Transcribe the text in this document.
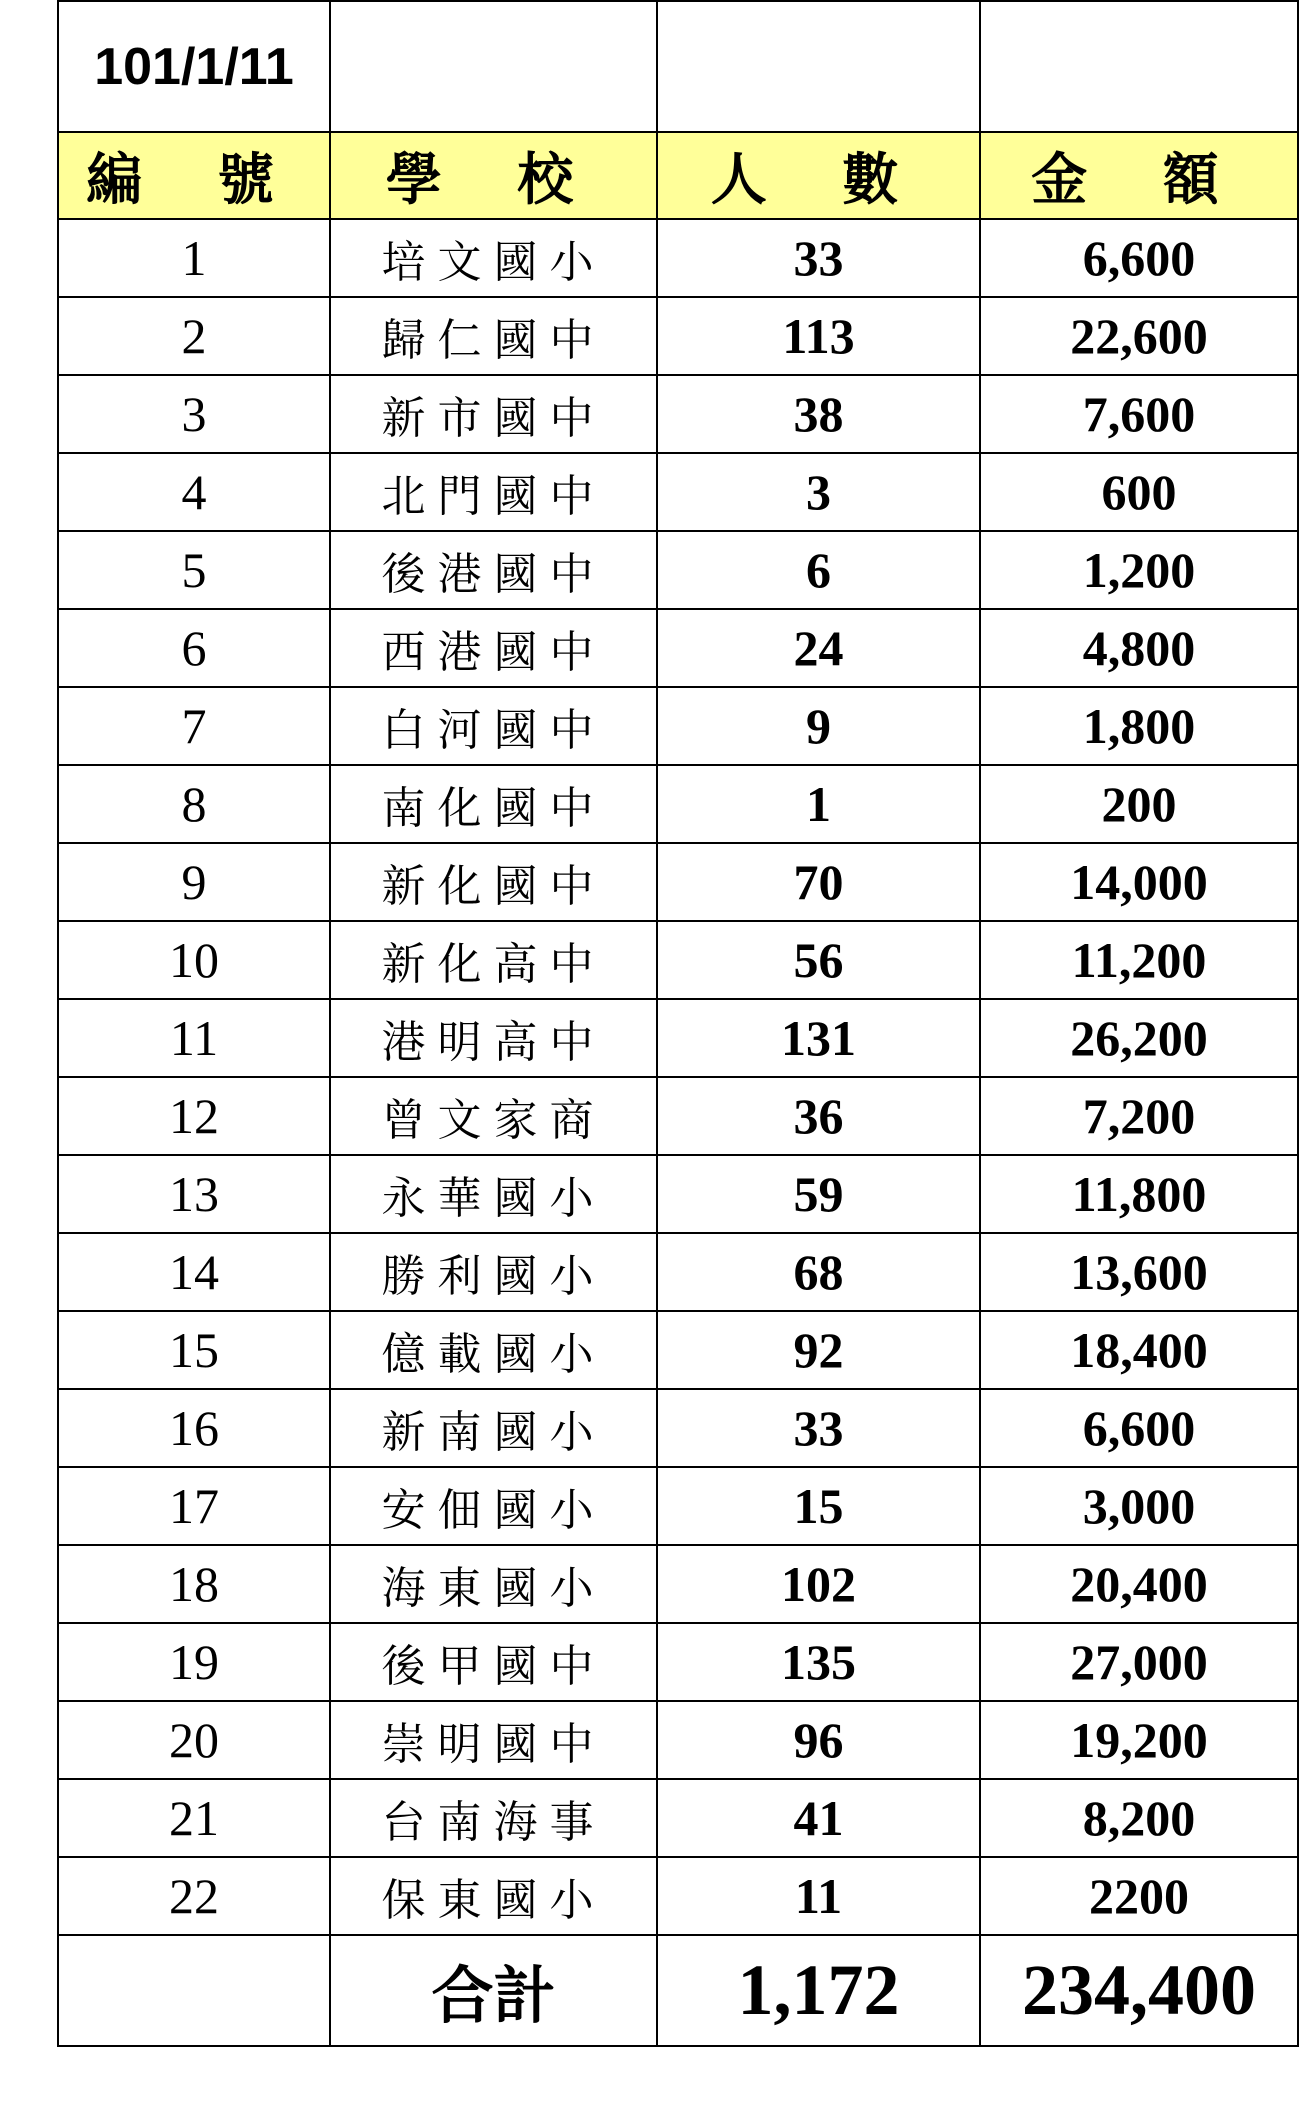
101/1/11			
編 號	學 校	人 數	金 額
1	培文國小	33	6,600
2	歸仁國中	113	22,600
3	新市國中	38	7,600
4	北門國中	3	600
5	後港國中	6	1,200
6	西港國中	24	4,800
7	白河國中	9	1,800
8	南化國中	1	200
9	新化國中	70	14,000
10	新化高中	56	11,200
11	港明高中	131	26,200
12	曾文家商	36	7,200
13	永華國小	59	11,800
14	勝利國小	68	13,600
15	億載國小	92	18,400
16	新南國小	33	6,600
17	安佃國小	15	3,000
18	海東國小	102	20,400
19	後甲國中	135	27,000
20	崇明國中	96	19,200
21	台南海事	41	8,200
22	保東國小	11	2200
	合計	1,172	234,400
